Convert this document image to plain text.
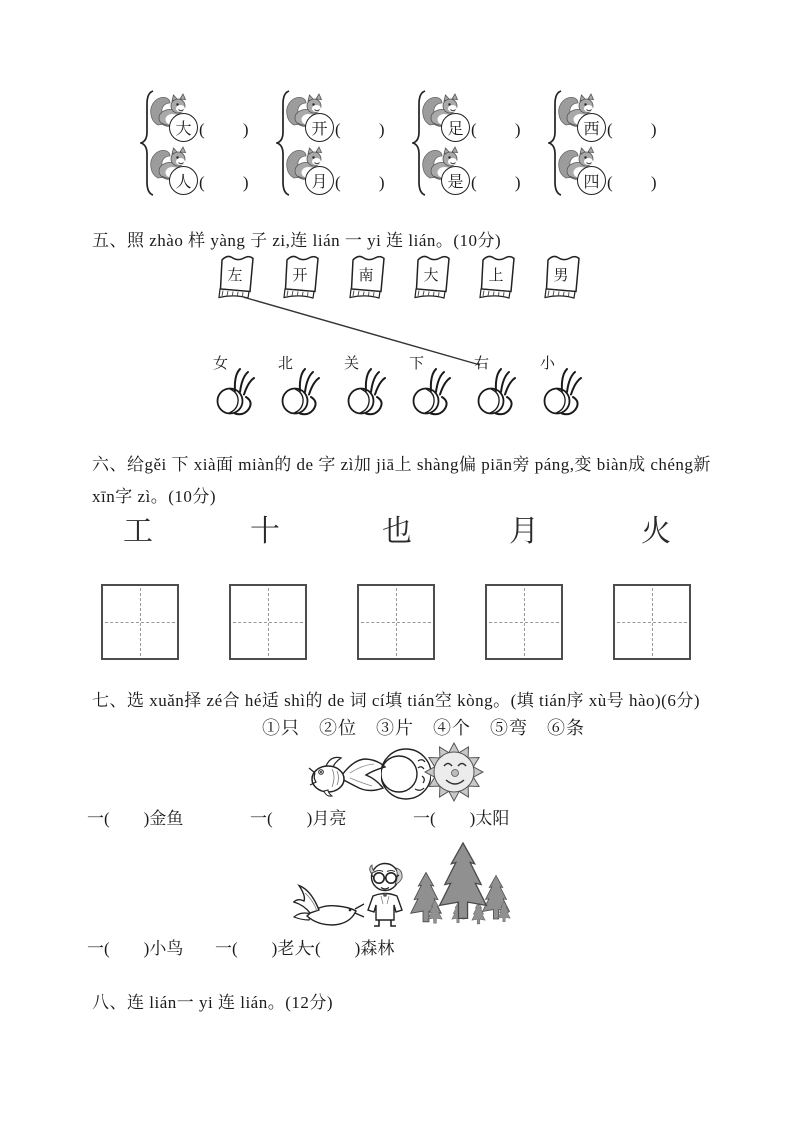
大 (　　 )
人 (　　 )
开 (　　 )
月 (　　 )
足 (　　 )
是 (　　 )
西 (　　 )
四 (　　 )
五、照 zhào 样 yàng 子 zi,连 lián 一 yi 连 lián。(10分)
左	开	南	大	上	男
女	北	关	下	右	小
六、给gěi 下 xià面 miàn的 de 字 zì加 jiā上 shàng偏 piān旁 páng,变 biàn成 chéng新
xīn字 zì。(10分)
工	十	也	月	火
七、选 xuǎn择 zé合 hé适 shì的 de 词 cí填 tián空 kòng。(填 tián序 xù号 hào)(6分)
①只　②位　③片　④个　⑤弯　⑥条
一(　　)金鱼	一(　　)月亮	一(　　)太阳
一(　　)小鸟 一(　　)老人
一(　　)森林
八、连 lián一 yi 连 lián。(12分)
